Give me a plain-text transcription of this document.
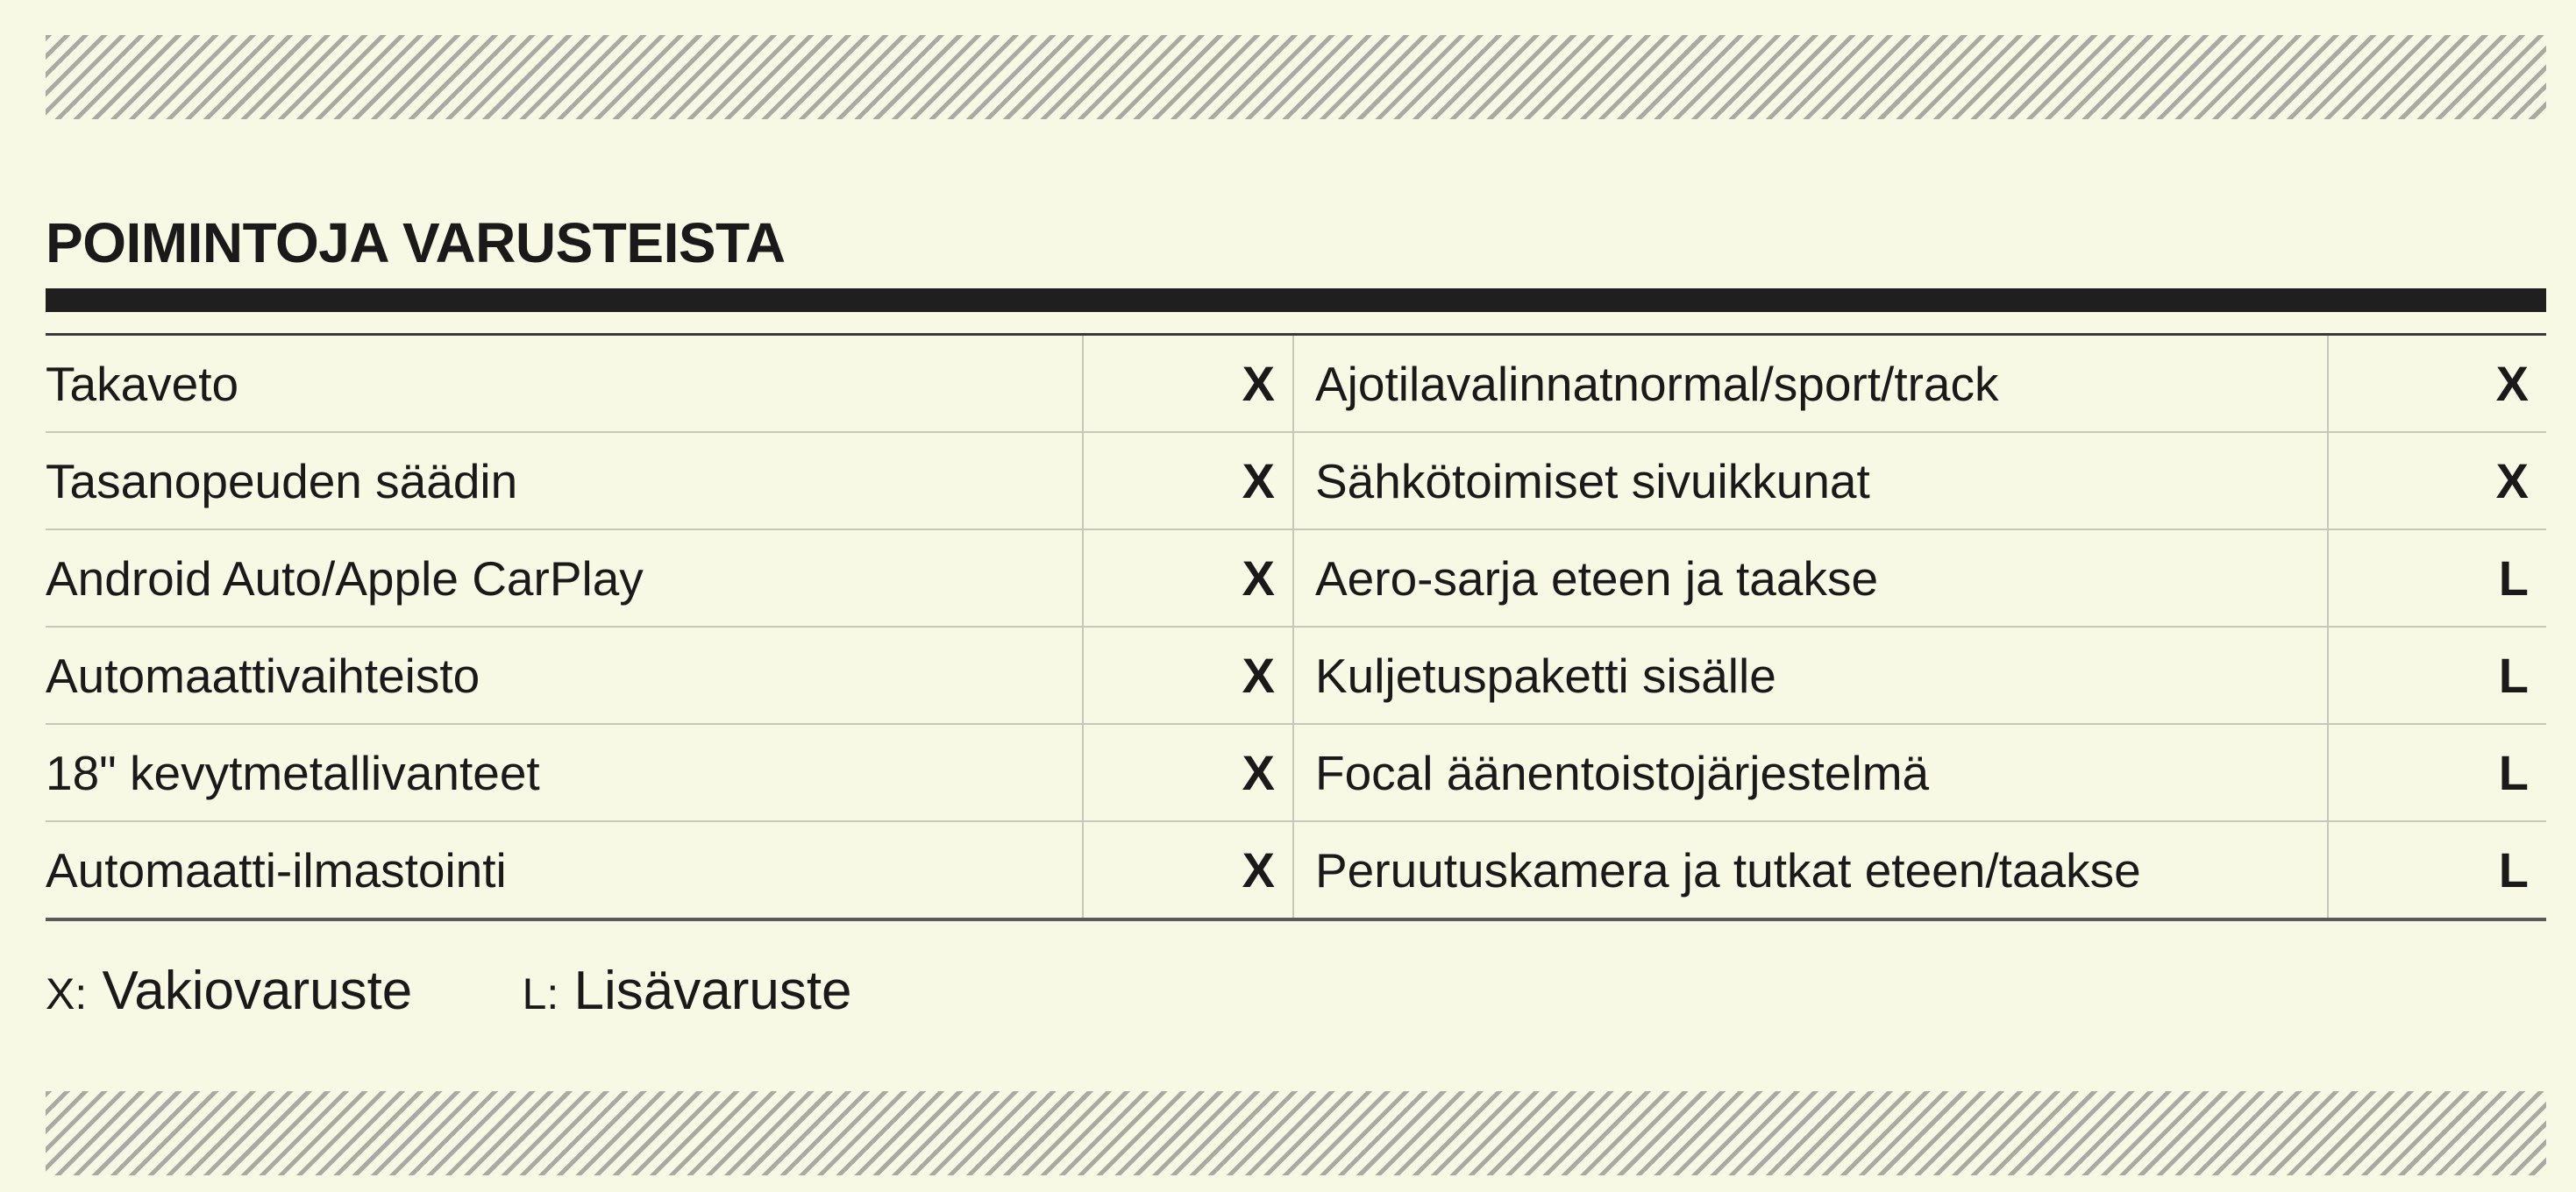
POIMINTOJA VARUSTEISTA
Takaveto	X	Ajotilavalinnatnormal/sport/track	X
Tasanopeuden säädin	X	Sähkötoimiset sivuikkunat	X
Android Auto/Apple CarPlay	X	Aero-sarja eteen ja taakse	L
Automaattivaihteisto	X	Kuljetuspaketti sisälle	L
18" kevytmetallivanteet	X	Focal äänentoistojärjestelmä	L
Automaatti-ilmastointi	X	Peruutuskamera ja tutkat eteen/taakse	L
X: Vakiovaruste	L: Lisävaruste
